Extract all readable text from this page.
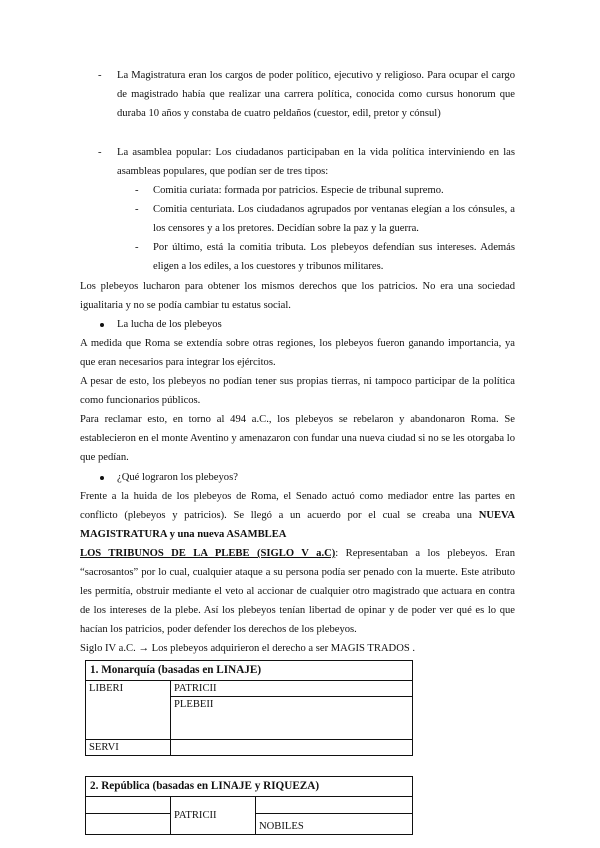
- La Magistratura eran los cargos de poder político, ejecutivo y religioso. Para ocupar el cargo de magistrado había que realizar una carrera política, conocida como cursus honorum que duraba 10 años y constaba de cuatro peldaños (cuestor, edil, pretor y cónsul)

- La asamblea popular: Los ciudadanos participaban en la vida política interviniendo en las asambleas populares, que podían ser de tres tipos:

- Comitia curiata: formada por patricios. Especie de tribunal supremo.

- Comitia centuriata. Los ciudadanos agrupados por ventanas elegían a los cónsules, a los censores y a los pretores. Decidían sobre la paz y la guerra.

- Por último, está la comitia tributa. Los plebeyos defendían sus intereses. Además eligen a los ediles, a los cuestores y tribunos militares.

Los plebeyos lucharon para obtener los mismos derechos que los patricios. No era una sociedad igualitaria y no se podía cambiar tu estatus social.

La lucha de los plebeyos

A medida que Roma se extendía sobre otras regiones, los plebeyos fueron ganando importancia, ya que eran necesarios para integrar los ejércitos.

A pesar de esto, los plebeyos no podían tener sus propias tierras, ni tampoco participar de la política como funcionarios públicos.

Para reclamar esto, en torno al 494 a.C., los plebeyos se rebelaron y abandonaron Roma. Se establecieron en el monte Aventino y amenazaron con fundar una nueva ciudad si no se les otorgaba lo que pedían.

¿Qué lograron los plebeyos?

Frente a la huida de los plebeyos de Roma, el Senado actuó como mediador entre las partes en conflicto (plebeyos y patricios). Se llegó a un acuerdo por el cual se creaba una NUEVA MAGISTRATURA y una nueva ASAMBLEA

LOS TRIBUNOS DE LA PLEBE (SIGLO V a.C): Representaban a los plebeyos. Eran “sacrosantos” por lo cual, cualquier ataque a su persona podía ser penado con la muerte. Este atributo les permitía, obstruir mediante el veto al accionar de cualquier otro magistrado que actuara en contra de los intereses de la plebe. Así los plebeyos tenían libertad de opinar y de poder ver qué es lo que hacían los patricios, poder defender los derechos de los plebeyos.

Siglo IV a.C. → Los plebeyos adquirieron el derecho a ser MAGIS TRADOS .

1. Monarquía (basadas en LINAJE)	
LIBERI	PATRICII
	PLEBEII
SERVI	
2. República (basadas en LINAJE y RIQUEZA)		
	PATRICII	
		NOBILES
